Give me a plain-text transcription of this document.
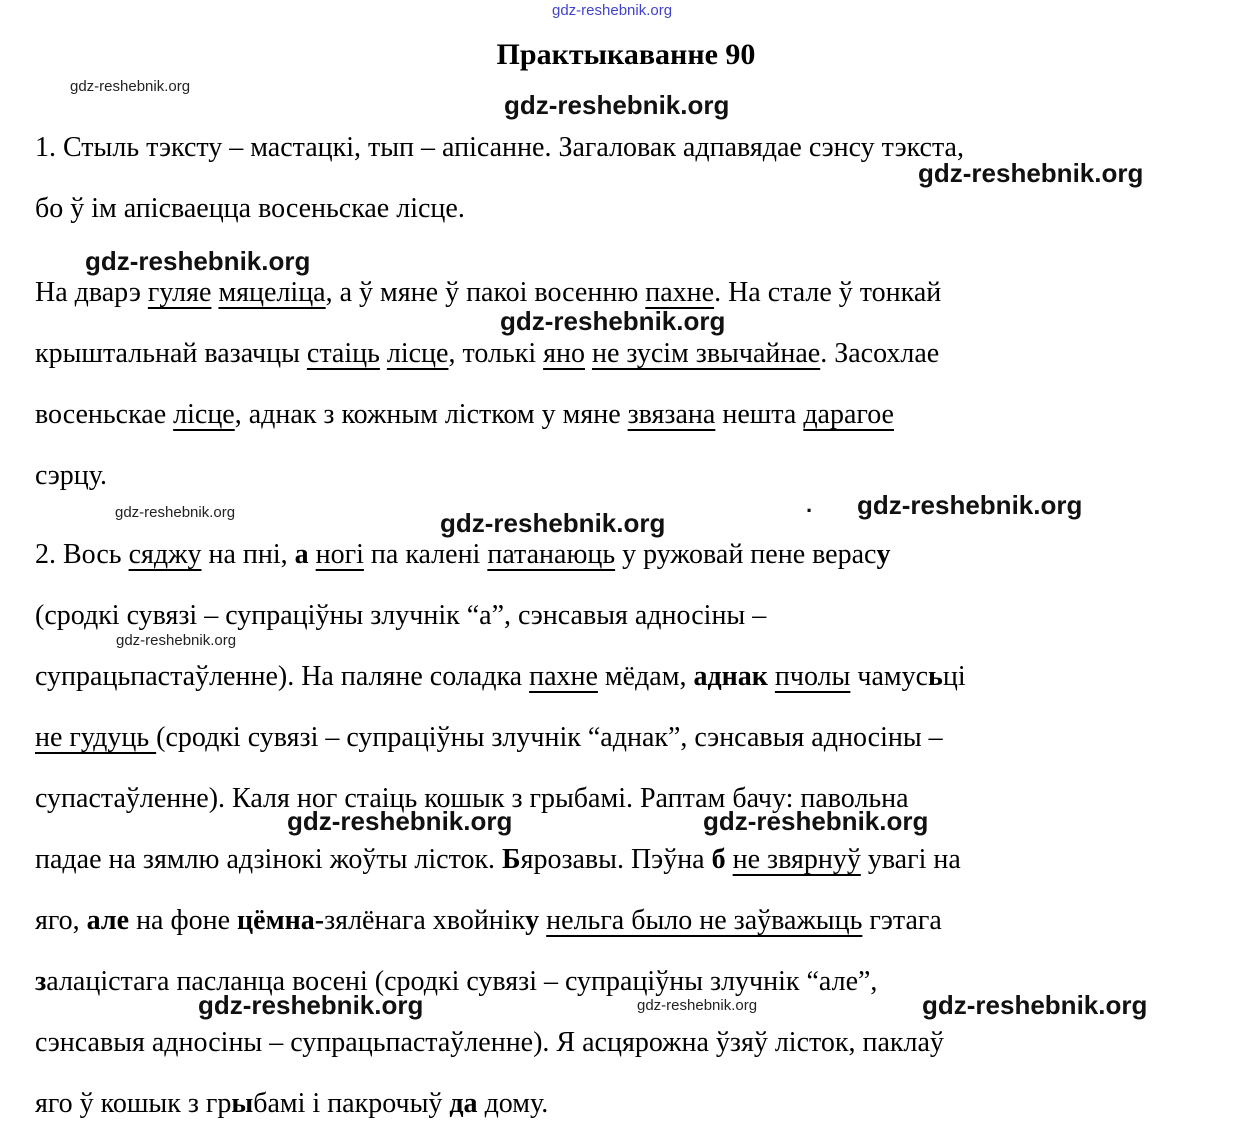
gdz-reshebnik.org
gdz-reshebnik.org
gdz-reshebnik.org
gdz-reshebnik.org
gdz-reshebnik.org
gdz-reshebnik.org
gdz-reshebnik.org	gdz-reshebnik.org
gdz-reshebnik.org	·
gdz-reshebnik.org
gdz-reshebnik.org	gdz-reshebnik.org
gdz-reshebnik.org	gdz-reshebnik.org	gdz-reshebnik.org
Практыкаванне 90
1. Стыль тэксту – мастацкі, тып – апісанне. Загаловак адпавядае сэнсу тэкста,
бо ў ім апісваецца восеньскае лісце.
На дварэ гуляе мяцеліца, а ў мяне ў пакоі восенню пахне. На стале ў тонкай
крыштальнай вазачцы стаіць лісце, толькі яно не зусім звычайнае. Засохлае
восеньскае лісце, аднак з кожным лістком у мяне звязана нешта дарагое
сэрцу.
2. Вось сяджу на пні, а ногі па калені патанаюць у ружовай пене верасу
(сродкі сувязі – супраціўны злучнік “а”, сэнсавыя адносіны –
супрацьпастаўленне). На паляне соладка пахне мёдам, аднак пчолы чамусьці
не гудуць (сродкі сувязі – супраціўны злучнік “аднак”, сэнсавыя адносіны –
супастаўленне). Каля ног стаіць кошык з грыбамі. Раптам бачу: павольна
падае на зямлю адзінокі жоўты лісток. Бярозавы. Пэўна б не звярнуў увагі на
яго, але на фоне цёмна-зялёнага хвойніку нельга было не заўважыць гэтага
залацістага пасланца восені (сродкі сувязі – супраціўны злучнік “але”,
сэнсавыя адносіны – супрацьпастаўленне). Я асцярожна ўзяў лісток, паклаў
яго ў кошык з грыбамі і пакрочыў да дому.
